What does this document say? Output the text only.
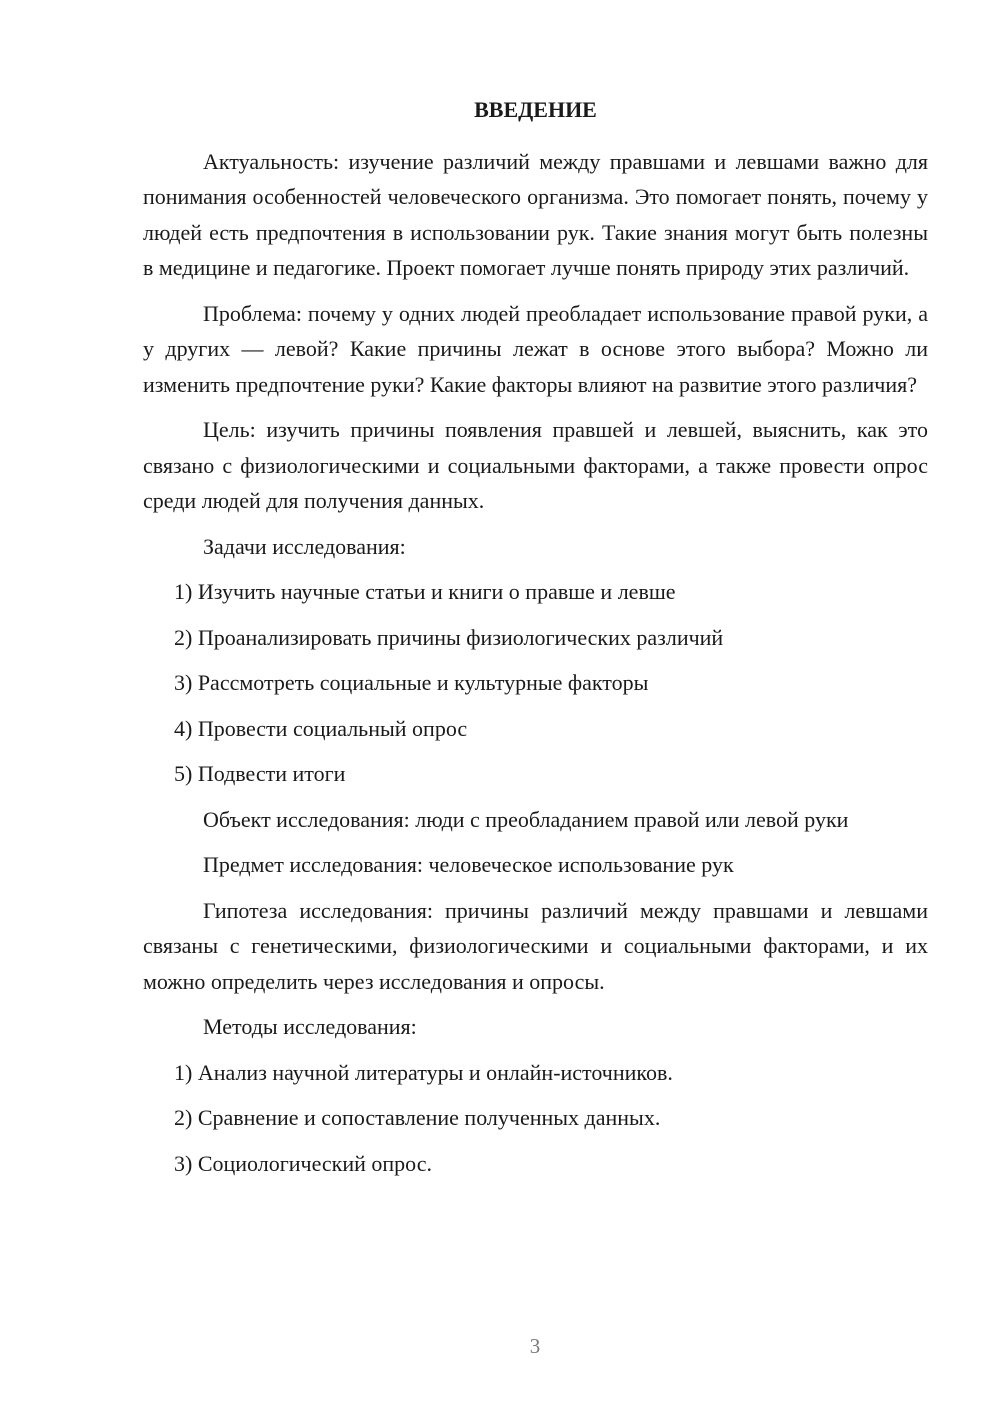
ВВЕДЕНИЕ

Актуальность: изучение различий между правшами и левшами важно для понимания особенностей человеческого организма. Это помогает понять, почему у людей есть предпочтения в использовании рук. Такие знания могут быть полезны в медицине и педагогике. Проект помогает лучше понять природу этих различий.

Проблема: почему у одних людей преобладает использование правой руки, а у других — левой? Какие причины лежат в основе этого выбора? Можно ли изменить предпочтение руки? Какие факторы влияют на развитие этого различия?

Цель: изучить причины появления правшей и левшей, выяснить, как это связано с физиологическими и социальными факторами, а также провести опрос среди людей для получения данных.

Задачи исследования:

1) Изучить научные статьи и книги о правше и левше

2) Проанализировать причины физиологических различий

3) Рассмотреть социальные и культурные факторы

4) Провести социальный опрос

5) Подвести итоги

Объект исследования: люди с преобладанием правой или левой руки

Предмет исследования: человеческое использование рук

Гипотеза исследования: причины различий между правшами и левшами связаны с генетическими, физиологическими и социальными факторами, и их можно определить через исследования и опросы.

Методы исследования:

1) Анализ научной литературы и онлайн-источников.

2) Сравнение и сопоставление полученных данных.

3) Социологический опрос.

3
